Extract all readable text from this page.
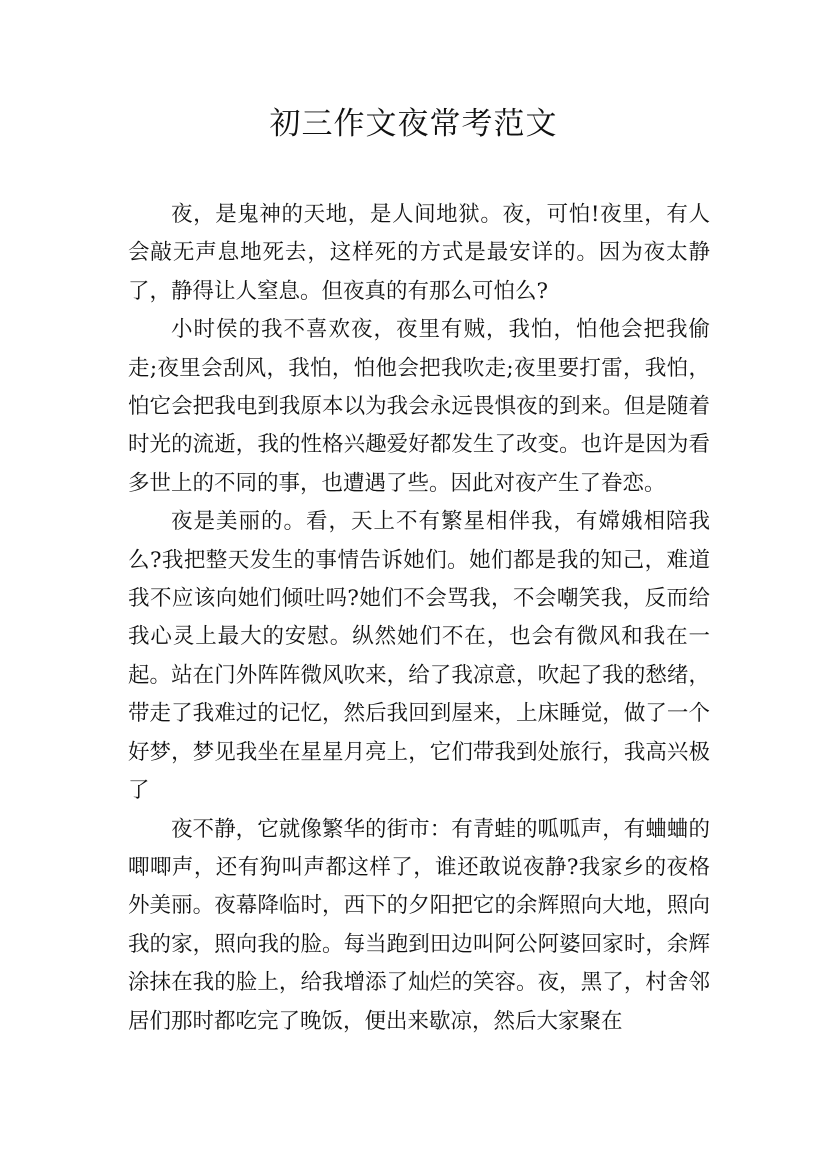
初三作文夜常考范文

夜，是鬼神的天地，是人间地狱。夜，可怕!夜里，有人会敲无声息地死去，这样死的方式是最安详的。因为夜太静了，静得让人窒息。但夜真的有那么可怕么?

小时侯的我不喜欢夜，夜里有贼，我怕，怕他会把我偷走;夜里会刮风，我怕，怕他会把我吹走;夜里要打雷，我怕，怕它会把我电到我原本以为我会永远畏惧夜的到来。但是随着时光的流逝，我的性格兴趣爱好都发生了改变。也许是因为看多世上的不同的事，也遭遇了些。因此对夜产生了眷恋。

夜是美丽的。看，天上不有繁星相伴我，有嫦娥相陪我么?我把整天发生的事情告诉她们。她们都是我的知己，难道我不应该向她们倾吐吗?她们不会骂我，不会嘲笑我，反而给我心灵上最大的安慰。纵然她们不在，也会有微风和我在一起。站在门外阵阵微风吹来，给了我凉意，吹起了我的愁绪，带走了我难过的记忆，然后我回到屋来，上床睡觉，做了一个好梦，梦见我坐在星星月亮上，它们带我到处旅行，我高兴极了

夜不静，它就像繁华的街市：有青蛙的呱呱声，有蛐蛐的唧唧声，还有狗叫声都这样了，谁还敢说夜静?我家乡的夜格外美丽。夜幕降临时，西下的夕阳把它的余辉照向大地，照向我的家，照向我的脸。每当跑到田边叫阿公阿婆回家时，余辉涂抹在我的脸上，给我增添了灿烂的笑容。夜，黑了，村舍邻居们那时都吃完了晚饭，便出来歇凉，然后大家聚在
